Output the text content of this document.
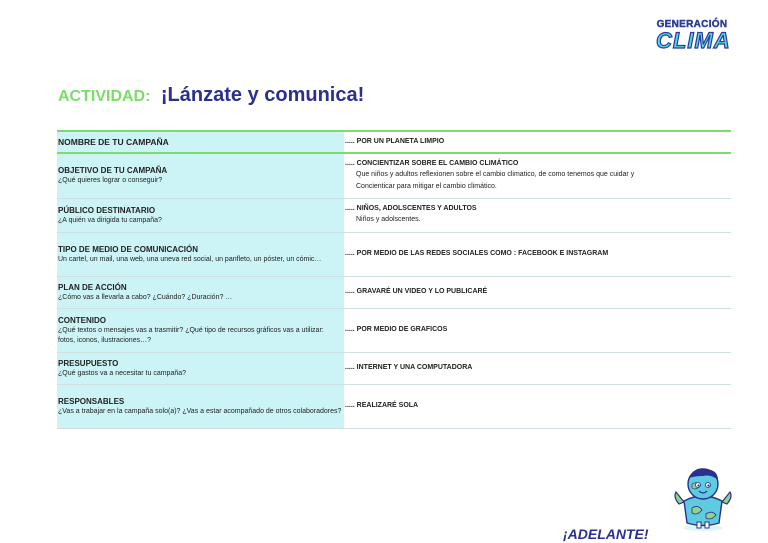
GENERACIÓN
CLIMA
ACTIVIDAD: ¡Lánzate y comunica!
NOMBRE DE TU CAMPAÑA	..... POR UN PLANETA LIMPIO

OBJETIVO DE TU CAMPAÑA
¿Qué quieres lograr o conseguir?	..... CONCIENTIZAR SOBRE EL CAMBIO CLIMÁTICO
Que niños y adultos reflexionen sobre el cambio climatico, de como tenemos que cuidar y
Concienticar para mitigar el cambio climático.

PÚBLICO DESTINATARIO
¿A quién va dirigida tu campaña?	..... NIÑOS, ADOLSCENTES Y ADULTOS
Niños y adolscentes.

TIPO DE MEDIO DE COMUNICACIÓN
Un cartel, un mail, una web, una uneva red social, un panfleto, un póster, un cómic…	..... POR MEDIO DE LAS REDES SOCIALES COMO : FACEBOOK E INSTAGRAM

PLAN DE ACCIÓN
¿Cómo vas a llevarla a cabo? ¿Cuándo? ¿Duración? …	..... GRAVARÉ UN VIDEO Y LO PUBLICARÉ

CONTENIDO
¿Qué textos o mensajes vas a trasmitir? ¿Qué tipo de recursos gráficos vas a utilizar: fotos, iconos, ilustraciones…?	..... POR MEDIO DE GRAFICOS

PRESUPUESTO
¿Qué gastos va a necesitar tu campaña?	..... INTERNET Y UNA COMPUTADORA

RESPONSABLES
¿Vas a trabajar en la campaña solo(a)? ¿Vas a estar acompañado de otros colaboradores?	..... REALIZARÉ SOLA
¡ADELANTE!
